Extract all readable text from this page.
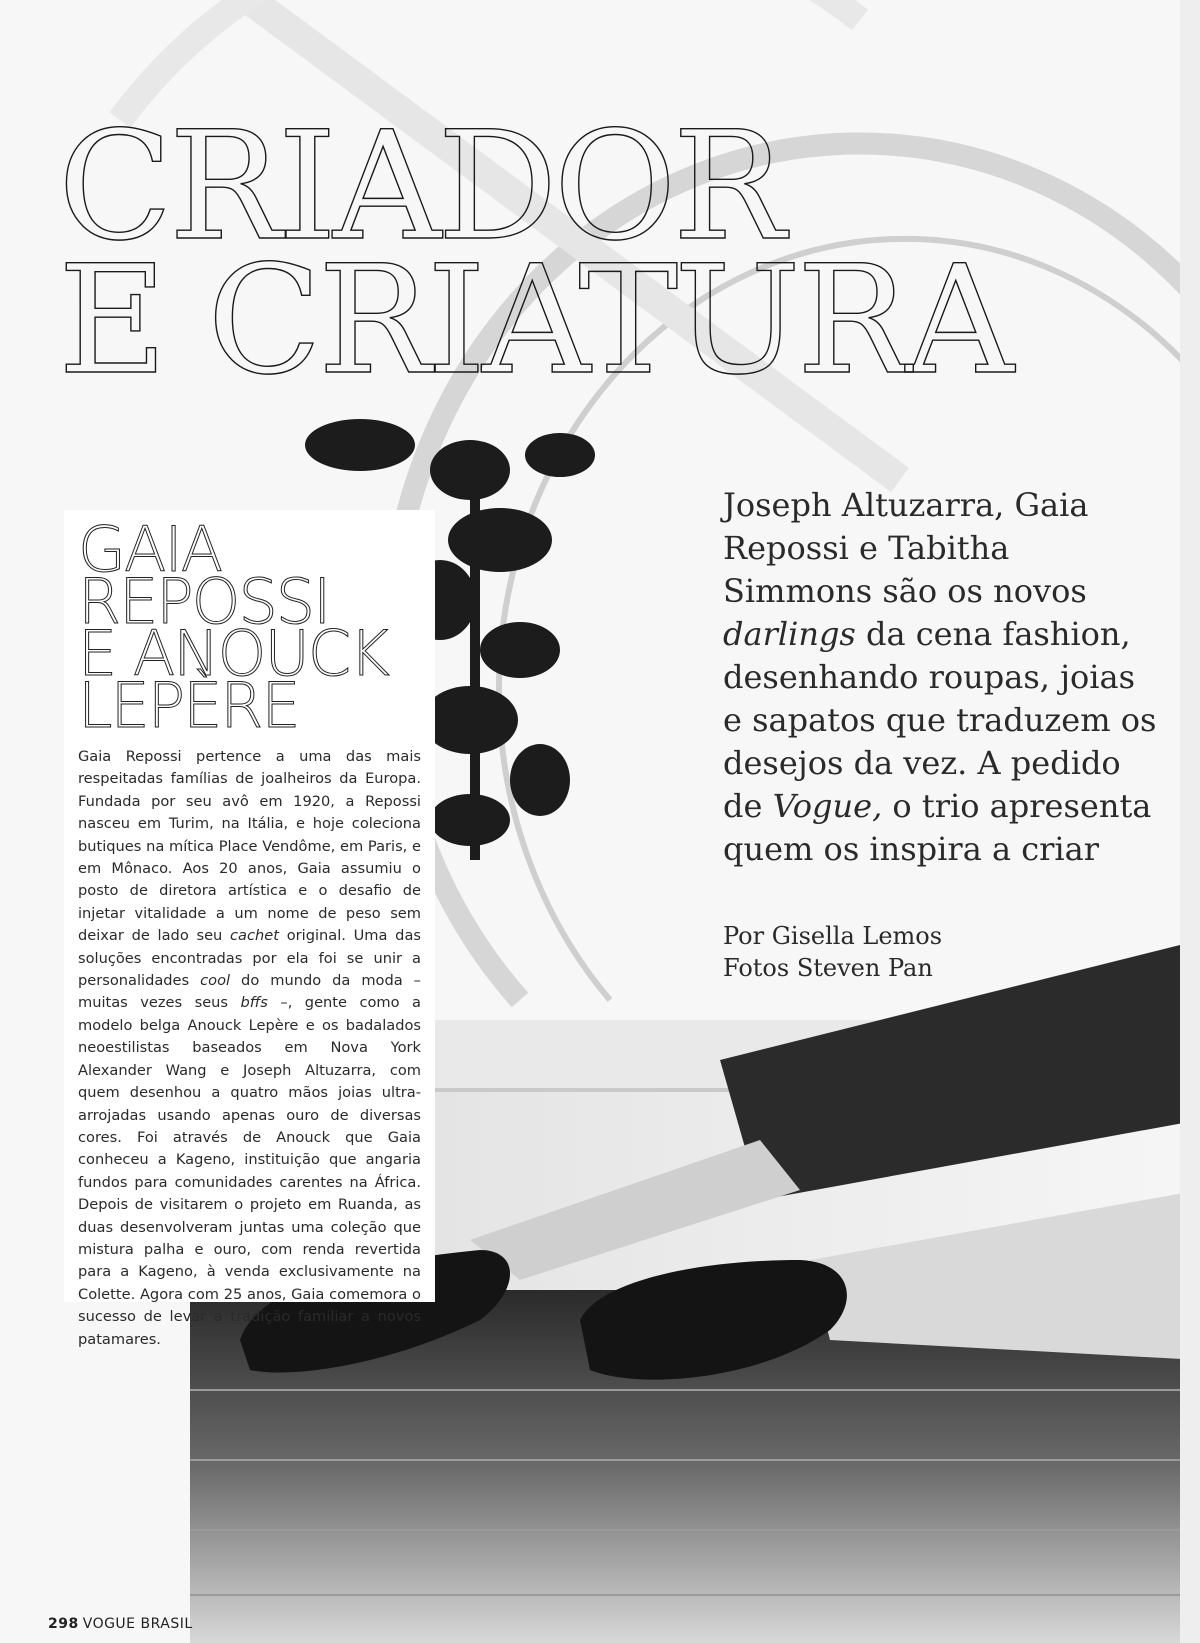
CRIADOR
E CRIATURA
GAIA
REPOSSI
E ANOUCK
LEPÈRE

Gaia Repossi pertence a uma das mais respeitadas famílias de joalheiros da Europa. Fundada por seu avô em 1920, a Repossi nasceu em Turim, na Itália, e hoje coleciona butiques na mítica Place Vendôme, em Paris, e em Mônaco. Aos 20 anos, Gaia assumiu o posto de diretora artística e o desafio de injetar vitalidade a um nome de peso sem deixar de lado seu cachet original. Uma das soluções encontradas por ela foi se unir a personalidades cool do mundo da moda – muitas vezes seus bffs –, gente como a modelo belga Anouck Lepère e os badalados neoestilistas baseados em Nova York Alexander Wang e Joseph Altuzarra, com quem desenhou a quatro mãos joias ultra-arrojadas usando apenas ouro de diversas cores. Foi através de Anouck que Gaia conheceu a Kageno, instituição que angaria fundos para comunidades carentes na África. Depois de visitarem o projeto em Ruanda, as duas desenvolveram juntas uma coleção que mistura palha e ouro, com renda revertida para a Kageno, à venda exclusivamente na Colette. Agora com 25 anos, Gaia comemora o sucesso de levar a tradição familiar a novos patamares.

Joseph Altuzarra, Gaia Repossi e Tabitha Simmons são os novos darlings da cena fashion, desenhando roupas, joias e sapatos que traduzem os desejos da vez. A pedido de Vogue, o trio apresenta quem os inspira a criar

Por Gisella Lemos
Fotos Steven Pan
298 VOGUE BRASIL
